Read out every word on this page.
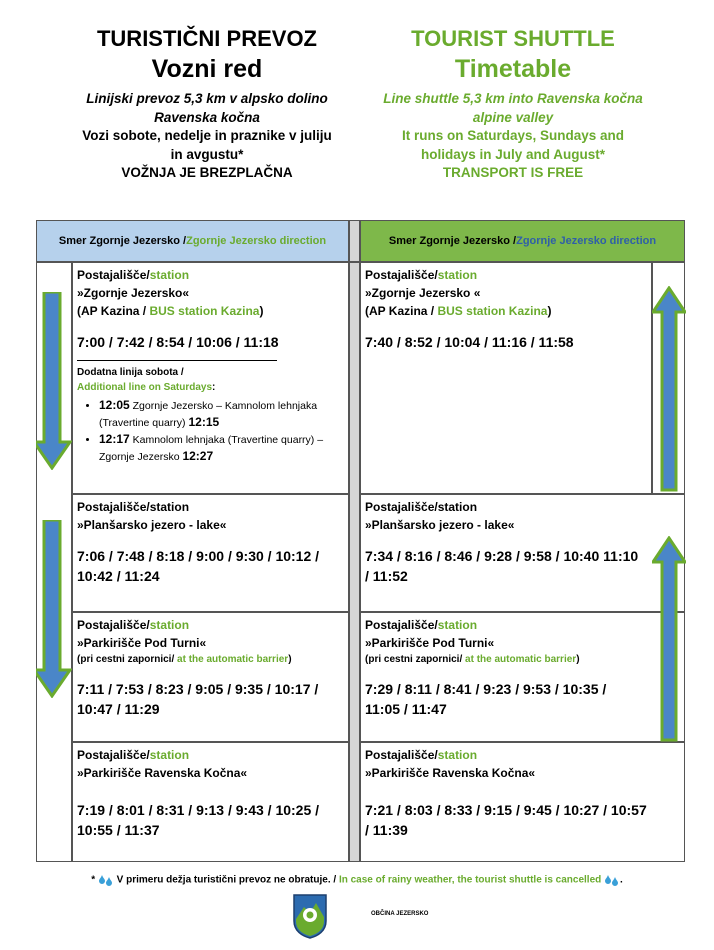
TURISTIČNI PREVOZ
Vozni red
Linijski prevoz 5,3 km v alpsko dolino
Ravenska kočna
Vozi sobote, nedelje in praznike v juliju
in avgustu*
VOŽNJA JE BREZPLAČNA
TOURIST SHUTTLE
Timetable
Line shuttle 5,3 km into Ravenska kočna
alpine valley
It runs on Saturdays, Sundays and
holidays in July and August*
TRANSPORT IS FREE
Smer Zgornje Jezersko / Zgornje Jezersko direction	Smer Zgornje Jezersko / Zgornje Jezersko direction
Postajališče/station
»Zgornje Jezersko«
(AP Kazina / BUS station Kazina)
7:00 / 7:42 / 8:54 / 10:06 / 11:18
Dodatna linija sobota /
Additional line on Saturdays:
• 12:05 Zgornje Jezersko – Kamnolom lehnjaka (Travertine quarry) 12:15
• 12:17 Kamnolom lehnjaka (Travertine quarry) – Zgornje Jezersko 12:27
Postajališče/station
»Planšarsko jezero - lake«
7:06 / 7:48 / 8:18 / 9:00 / 9:30 / 10:12 / 10:42 / 11:24
Postajališče/station
»Parkirišče Pod Turni«
(pri cestni zapornici/ at the automatic barrier)
7:11 / 7:53 / 8:23 / 9:05 / 9:35 / 10:17 / 10:47 / 11:29
Postajališče/station
»Parkirišče Ravenska Kočna«
7:19 / 8:01 / 8:31 / 9:13 / 9:43 / 10:25 / 10:55 / 11:37
Postajališče/station
»Zgornje Jezersko «
(AP Kazina / BUS station Kazina)
7:40 / 8:52 / 10:04 / 11:16 / 11:58
Postajališče/station
»Planšarsko jezero - lake«
7:34 / 8:16 / 8:46 / 9:28 / 9:58 / 10:40 11:10 / 11:52
Postajališče/station
»Parkirišče Pod Turni«
(pri cestni zapornici/ at the automatic barrier)
7:29 / 8:11 / 8:41 / 9:23 / 9:53 / 10:35 / 11:05 / 11:47
Postajališče/station
»Parkirišče Ravenska Kočna«
7:21 / 8:03 / 8:33 / 9:15 / 9:45 / 10:27 / 10:57 / 11:39
*  V primeru dežja turistični prevoz ne obratuje. / In case of rainy weather, the tourist shuttle is cancelled .
OBČINA JEZERSKO
